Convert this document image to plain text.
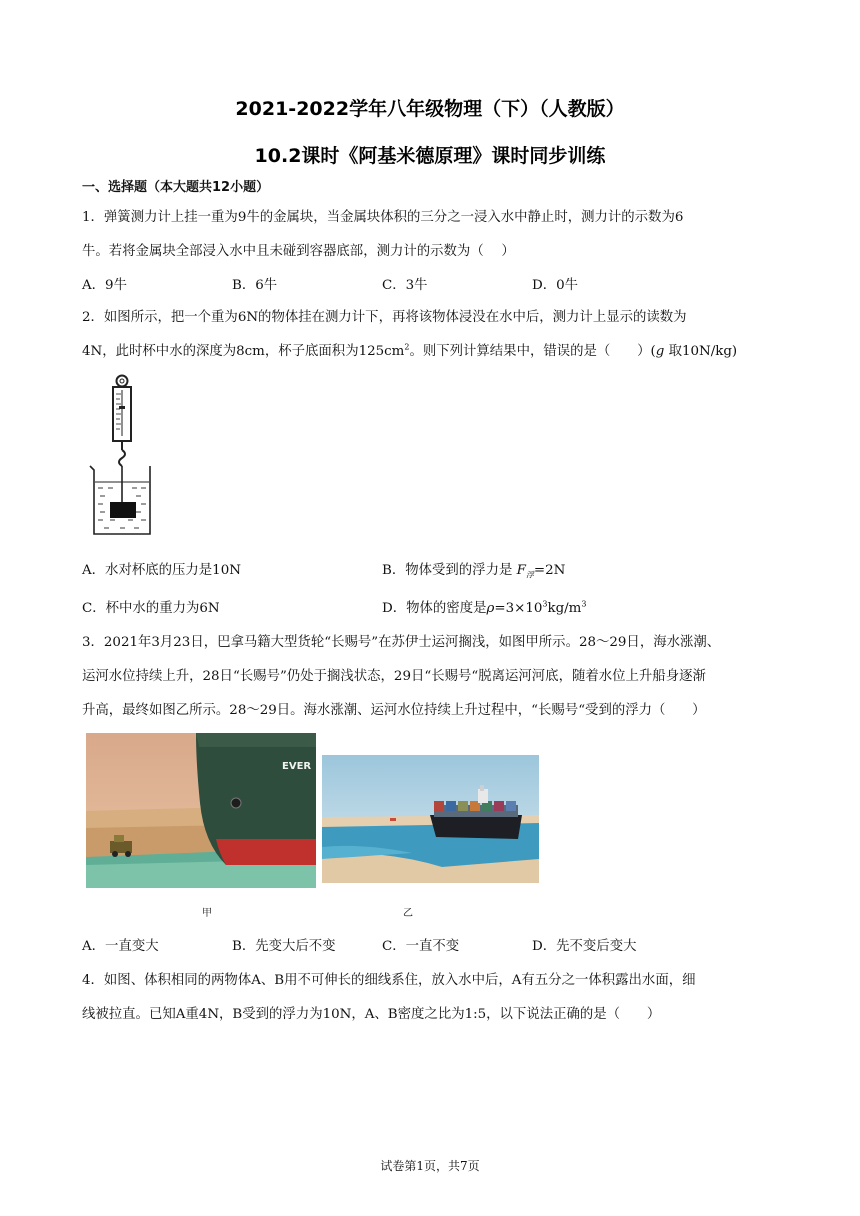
2021-2022学年八年级物理（下）（人教版）
10.2课时《阿基米德原理》课时同步训练
一、选择题（本大题共12小题）
1．弹簧测力计上挂一重为9牛的金属块，当金属块体积的三分之一浸入水中静止时，测力计的示数为6
牛。若将金属块全部浸入水中且未碰到容器底部，测力计的示数为（　 ）
A．9牛	B．6牛	C．3牛	D．0牛
2．如图所示，把一个重为6N的物体挂在测力计下，再将该物体浸没在水中后，测力计上显示的读数为
4N，此时杯中水的深度为8cm，杯子底面积为$125cm^2$。则下列计算结果中，错误的是（　　）(g 取10N/kg)
A．水对杯底的压力是10N	B．物体受到的浮力是 $F_浮=2N$
C．杯中水的重力为6N	D．物体的密度是$\rho=3\times 10^3kg/m^3$
3．2021年3月23日，巴拿马籍大型货轮“长赐号”在苏伊士运河搁浅，如图甲所示。28～29日，海水涨潮、
运河水位持续上升，28日“长赐号”仍处于搁浅状态，29日“长赐号“脱离运河河底，随着水位上升船身逐渐
升高，最终如图乙所示。28～29日。海水涨潮、运河水位持续上升过程中，“长赐号“受到的浮力（　　）
EVER
甲	乙
A．一直变大	B．先变大后不变	C．一直不变	D．先不变后变大
4．如图、体积相同的两物体A、B用不可伸长的细线系住，放入水中后，A有五分之一体积露出水面，细
线被拉直。已知A重4N，B受到的浮力为10N，A、B密度之比为1:5，以下说法正确的是（　　）
试卷第1页，共7页
